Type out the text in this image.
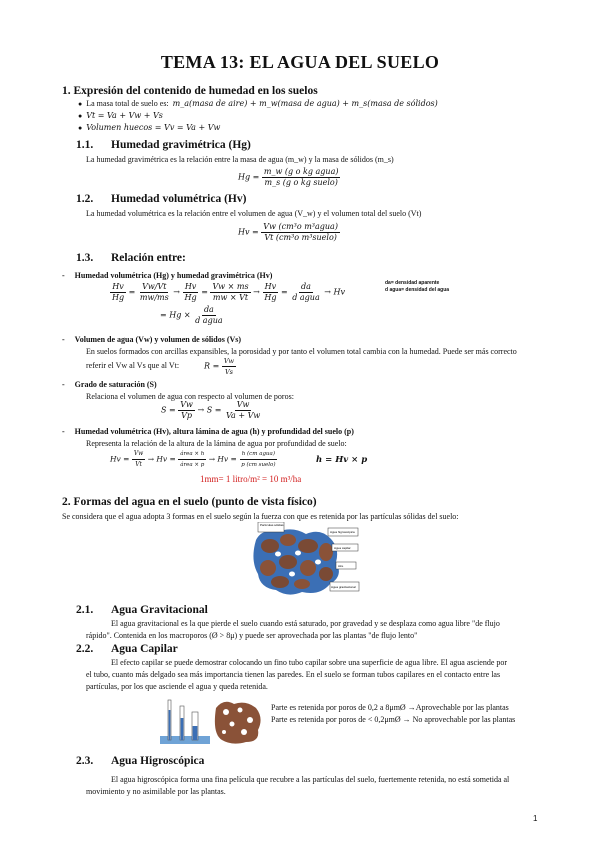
TEMA 13: EL AGUA DEL SUELO
1. Expresión del contenido de humedad en los suelos
● La masa total de suelo es: m_a(masa de aire) + m_w(masa de agua) + m_s(masa de sólidos)
● Vt = Va + Vw + Vs
● Volumen huecos = Vv = Va + Vw
1.1. Humedad gravimétrica (Hg)
La humedad gravimétrica es la relación entre la masa de agua (m_w) y la masa de sólidos (m_s)
$Hg = \frac{\text{m\_w (g o kg agua)}}{\text{m\_s (g o kg suelo)}}$
1.2. Humedad volumétrica (Hv)
La humedad volumétrica es la relación entre el volumen de agua (V_w) y el volumen total del suelo (Vt)
$Hv = \frac{\text{Vw (cm³o m³agua)}}{\text{Vt (cm³o m³suelo)}}$
1.3. Relación entre:
-     Humedad volumétrica (Hg) y humedad gravimétrica (Hv)
da= densidad aparente
d agua= densidad del agua
$\frac{Hv}{Hg} = \frac{Vw/Vt}{mw/ms} \to \frac{Hv}{Hg} = \frac{Vw \times ms}{mw \times Vt} \to \frac{Hv}{Hg} = \frac{da}{\text{d agua}} \to Hv$
= $Hg \times \frac{da}{\text{d agua}}$
-     Volumen de agua (Vw) y volumen de sólidos (Vs)
En suelos formados con arcillas expansibles, la porosidad y por tanto el volumen total cambia con la humedad. Puede ser más correcto
referir el Vw al Vs que al Vt:	$R = \frac{Vw}{Vs}$
-     Grado de saturación (S)
Relaciona el volumen de agua con respecto al volumen de poros:
$S = \frac{Vw}{Vp} \to S = \frac{Vw}{Va + Vw}$
-     Humedad volumétrica (Hv), altura lámina de agua (h) y profundidad del suelo (p)
Representa la relación de la altura de la lámina de agua por profundidad de suelo:
$Hv = \frac{Vw}{Vt} \to Hv = \frac{\text{área × h}}{\text{área × p}} \to Hv = \frac{\text{h (cm agua)}}{\text{p (cm suelo)}}$	h = Hv × p
1mm= 1 litro/m² = 10 m³/ha
2. Formas del agua en el suelo (punto de vista físico)
Se considera que el agua adopta 3 formas en el suelo según la fuerza con que es retenida por las partículas sólidas del suelo:
Partículas sólidas
Agua higroscópica
Agua capilar
Aire
Agua gravitacional
2.1. Agua Gravitacional
El agua gravitacional es la que pierde el suelo cuando está saturado, por gravedad y se desplaza como agua libre "de flujo
rápido". Contenida en los macroporos (Ø > 8μ) y puede ser aprovechada por las plantas "de flujo lento"
2.2. Agua Capilar
El efecto capilar se puede demostrar colocando un fino tubo capilar sobre una superficie de agua libre. El agua asciende por
el tubo, cuanto más delgado sea más importancia tienen las paredes. En el suelo se forman tubos capilares en el contacto entre las
partículas, por los que asciende el agua y queda retenida.
Parte es retenida por poros de 0,2 a 8μmØ →Aprovechable por las plantas
Parte es retenida por poros de < 0,2μmØ → No aprovechable por las plantas
2.3. Agua Higroscópica
El agua higroscópica forma una fina película que recubre a las partículas del suelo, fuertemente retenida, no está sometida al
movimiento y no asimilable por las plantas.
1
